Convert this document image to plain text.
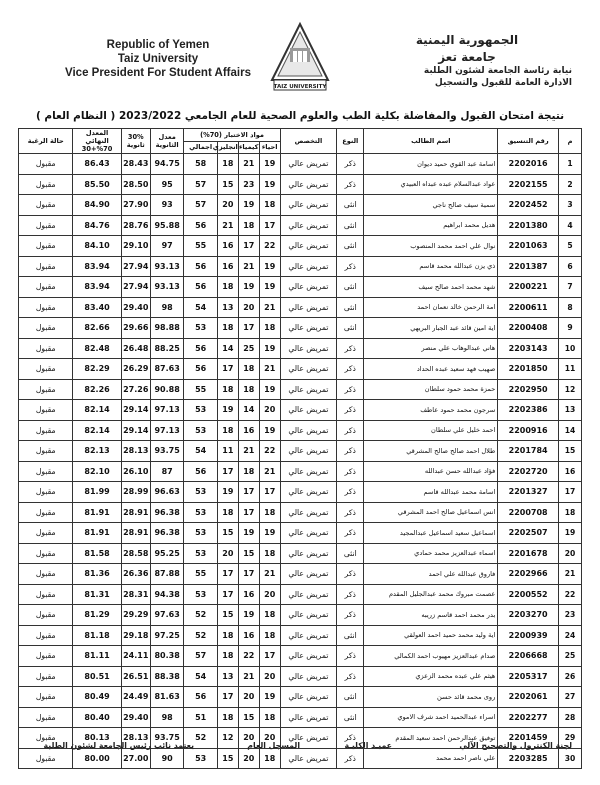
Republic of Yemen
Taiz University
Vice President For Student Affairs
TAIZ UNIVERSITY
الجمهورية اليمنية
جامعة تعز
نيابة رئاسة الجامعة لشئون الطلبة
الادارة العامة للقبول والتسجيل
نتيجة امتحان القبول والمفاضلة بكلية الطب والعلوم الصحية للعام الجامعي 2023/2022 ( النظام العام )
م	رقم التنسيق	اسم الطالب	النوع	التخصص	مواد الاختبار (70%)				معدل الثانوية	30% ثانوية	المعدل النهائي 70%+30	حالة الرغبة
					احياء	كيمياء	انجليزي	اجمالي				
1	2202016	اسامة عبد القوي حميد ديوان	ذكر	تمريض عالي	19	21	18	58	94.75	28.43	86.43	مقبول
2	2202155	عواد عبدالسلام عبده عبداه العبيدي	ذكر	تمريض عالي	19	23	15	57	95	28.50	85.50	مقبول
3	2202452	سمية سيف صالح ناجي	انثى	تمريض عالي	18	19	20	57	93	27.90	84.90	مقبول
4	2201380	هديل محمد ابراهيم	انثى	تمريض عالي	17	18	21	56	95.88	28.76	84.76	مقبول
5	2201063	نوال علي احمد محمد المنصوب	انثى	تمريض عالي	22	17	16	55	97	29.10	84.10	مقبول
6	2201387	ذي يزن عبدالله محمد قاسم	ذكر	تمريض عالي	19	21	16	56	93.13	27.94	83.94	مقبول
7	2200221	شهد محمد احمد صالح سيف	انثى	تمريض عالي	19	19	18	56	93.13	27.94	83.94	مقبول
8	2200611	امة الرحمن خالد نعمان احمد	انثى	تمريض عالي	21	20	13	54	98	29.40	83.40	مقبول
9	2200408	اية امين قائد عبد الجبار البريهي	انثى	تمريض عالي	18	17	18	53	98.88	29.66	82.66	مقبول
10	2203143	هاني عبدالوهاب علي منصر	ذكر	تمريض عالي	19	25	14	56	88.25	26.48	82.48	مقبول
11	2201850	صهيب فهد سعيد عبده الحداد	ذكر	تمريض عالي	21	18	17	56	87.63	26.29	82.29	مقبول
12	2202950	حمزة محمد حمود سلطان	ذكر	تمريض عالي	19	18	18	55	90.88	27.26	82.26	مقبول
13	2202386	سرجون محمد حمود عاطف	ذكر	تمريض عالي	20	14	19	53	97.13	29.14	82.14	مقبول
14	2200916	احمد خليل علي سلطان	ذكر	تمريض عالي	19	16	18	53	97.13	29.14	82.14	مقبول
15	2201784	طلال احمد صالح صالح المشرقي	ذكر	تمريض عالي	22	21	11	54	93.75	28.13	82.13	مقبول
16	2202720	فؤاد عبدالله حسن عبدالله	ذكر	تمريض عالي	21	18	17	56	87	26.10	82.10	مقبول
17	2201327	اسامة محمد عبدالله قاسم	ذكر	تمريض عالي	17	17	19	53	96.63	28.99	81.99	مقبول
18	2200708	انس اسماعيل صالح احمد المشرقي	ذكر	تمريض عالي	18	17	18	53	96.38	28.91	81.91	مقبول
19	2202507	اسماعيل سعيد اسماعيل عبدالمجيد	ذكر	تمريض عالي	19	19	15	53	96.38	28.91	81.91	مقبول
20	2201678	اسماء عبدالعزيز محمد حمادي	انثى	تمريض عالي	18	15	20	53	95.25	28.58	81.58	مقبول
21	2202966	فاروق عبدالله علي احمد	ذكر	تمريض عالي	21	17	17	55	87.88	26.36	81.36	مقبول
22	2200552	عصمت مبروك محمد عبدالجليل المقدم	ذكر	تمريض عالي	20	16	17	53	94.38	28.31	81.31	مقبول
23	2203270	بدر محمد احمد قاسم زريبه	ذكر	تمريض عالي	18	19	15	52	97.63	29.29	81.29	مقبول
24	2200939	اية وليد محمد حميد احمد العولقي	انثى	تمريض عالي	18	16	18	52	97.25	29.18	81.18	مقبول
25	2206668	صدام عبدالعزيز مهيوب احمد الكمالي	ذكر	تمريض عالي	17	22	18	57	80.38	24.11	81.11	مقبول
26	2205317	هيثم علي عبده محمد الزعزي	ذكر	تمريض عالي	20	21	13	54	88.38	26.51	80.51	مقبول
27	2202061	روى محمد قائد حسن	انثى	تمريض عالي	19	20	17	56	81.63	24.49	80.49	مقبول
28	2202277	اسراء عبدالحميد احمد شرف الاموي	انثى	تمريض عالي	18	15	18	51	98	29.40	80.40	مقبول
29	2201459	توفيق عبدالرحمن احمد سعيد المقدم	ذكر	تمريض عالي	20	20	12	52	93.75	28.13	80.13	مقبول
30	2203285	علي ناصر احمد محمد	ذكر	تمريض عالي	18	20	15	53	90	27.00	80.00	مقبول
لجنة الكنترول والتصحيح الآلي
عميـد الكليـة
المسجل العام
يعتمد نائب رئيس الجامعة لشئون الطلبة
